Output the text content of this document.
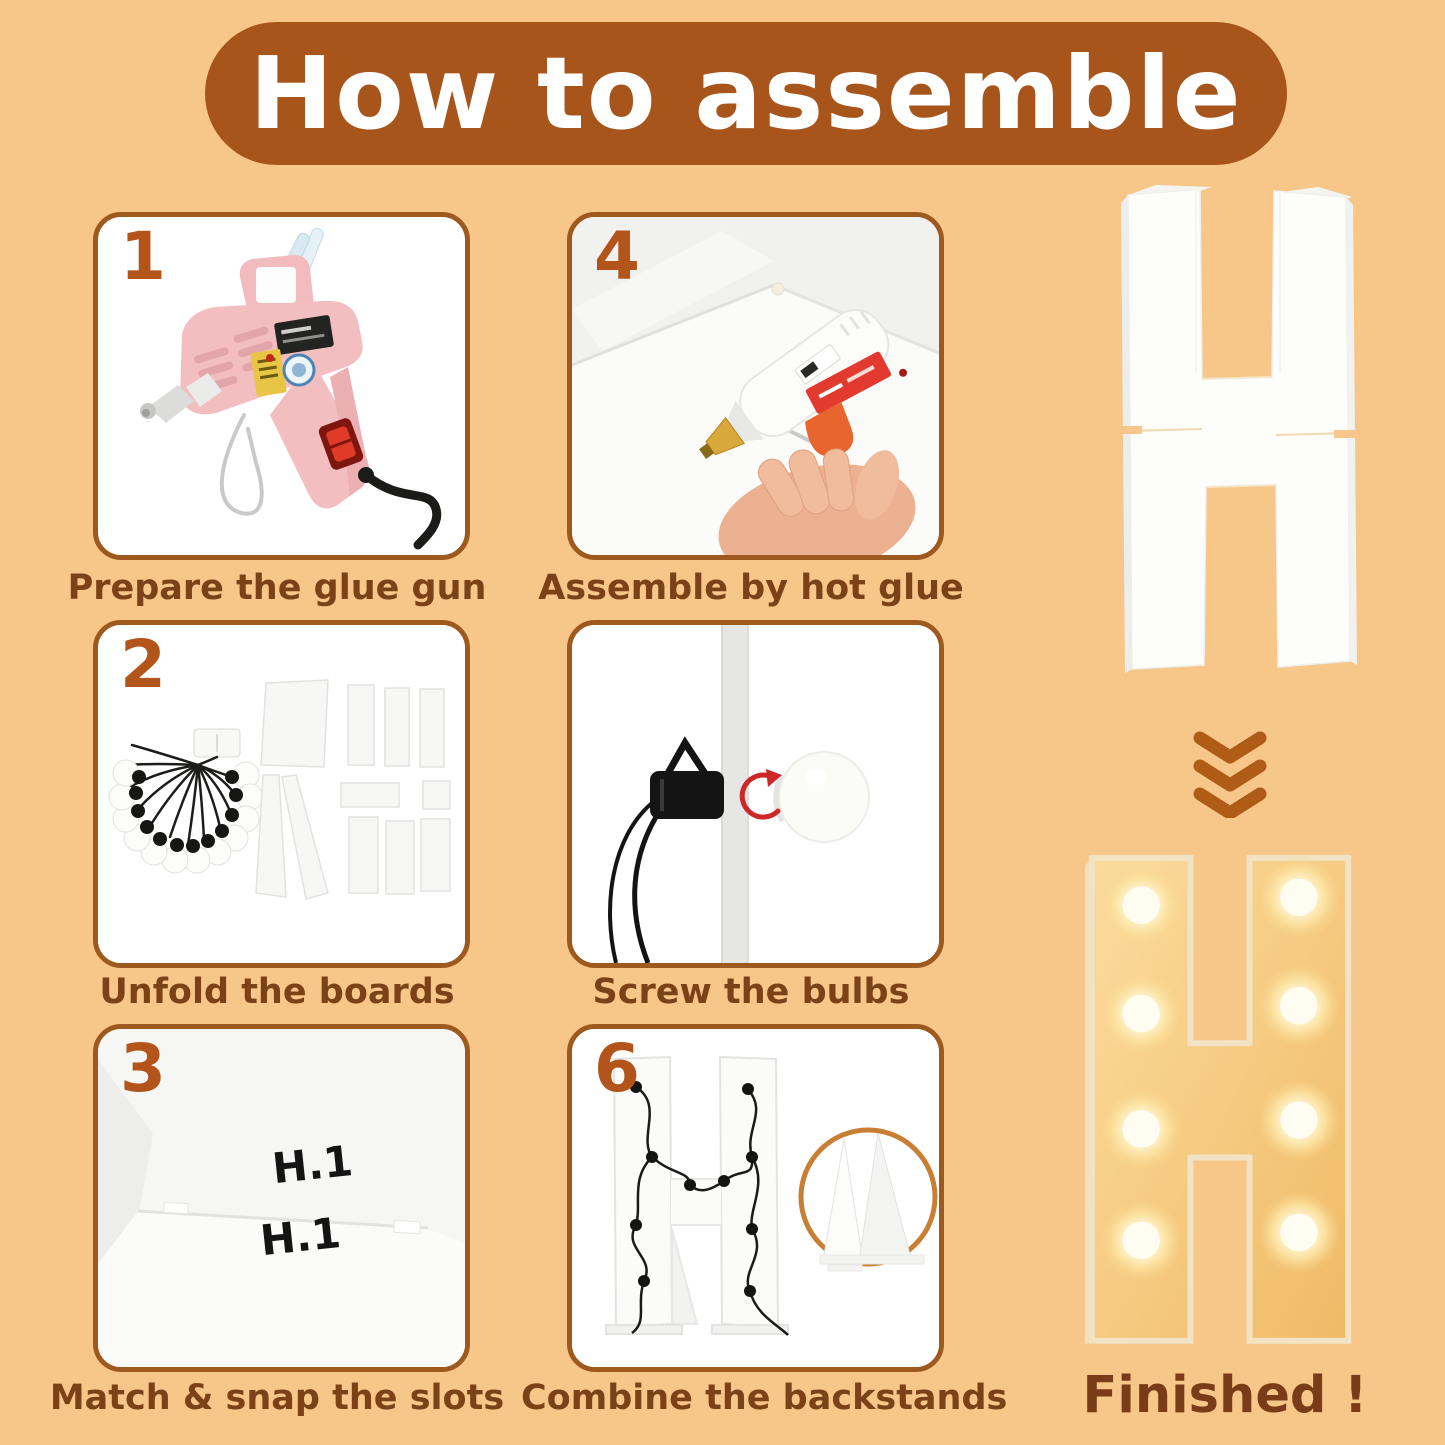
How to assemble
1
Prepare the glue gun
4
Assemble by hot glue
2
Unfold the boards	Screw the bulbs
3
H.1
H.1
Match & snap the slots
6
Combine the backstands	Finished !
